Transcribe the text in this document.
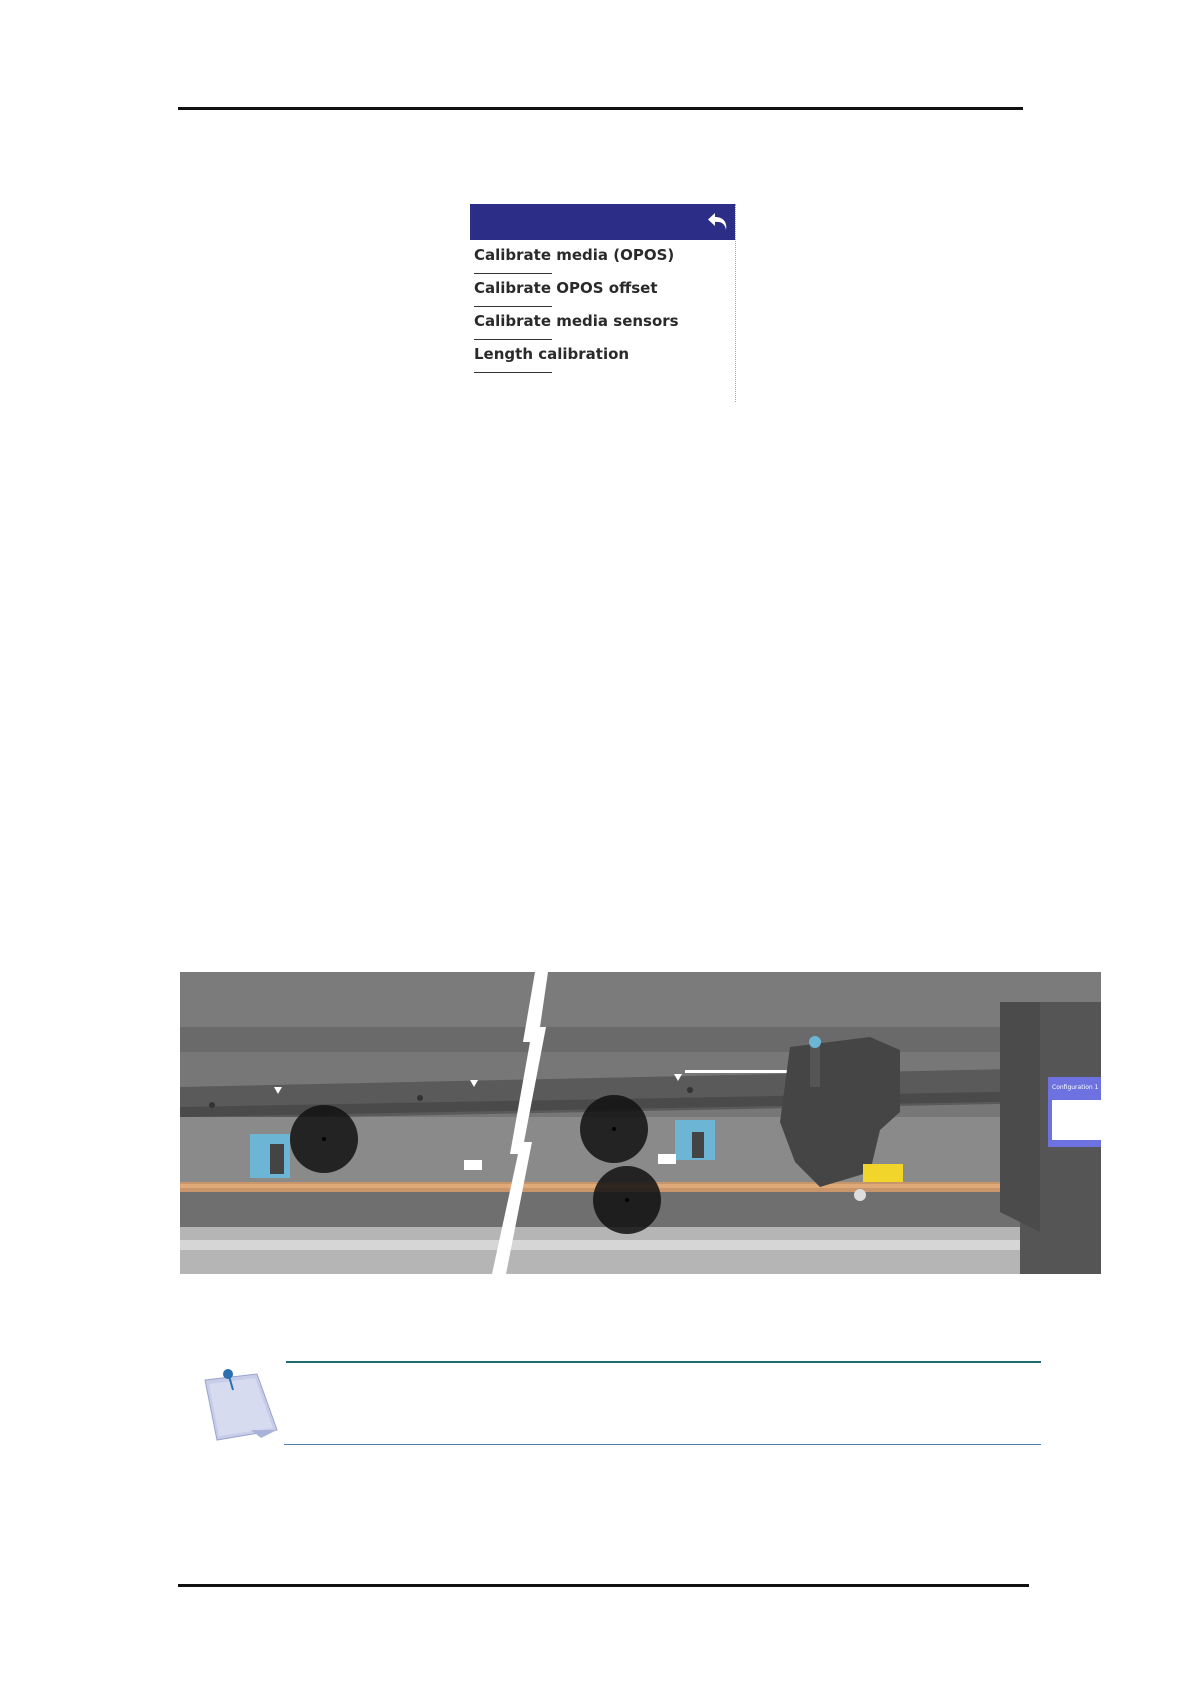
Calibrate media (OPOS)
Calibrate OPOS offset
Calibrate media sensors
Length calibration
Configuration 1
